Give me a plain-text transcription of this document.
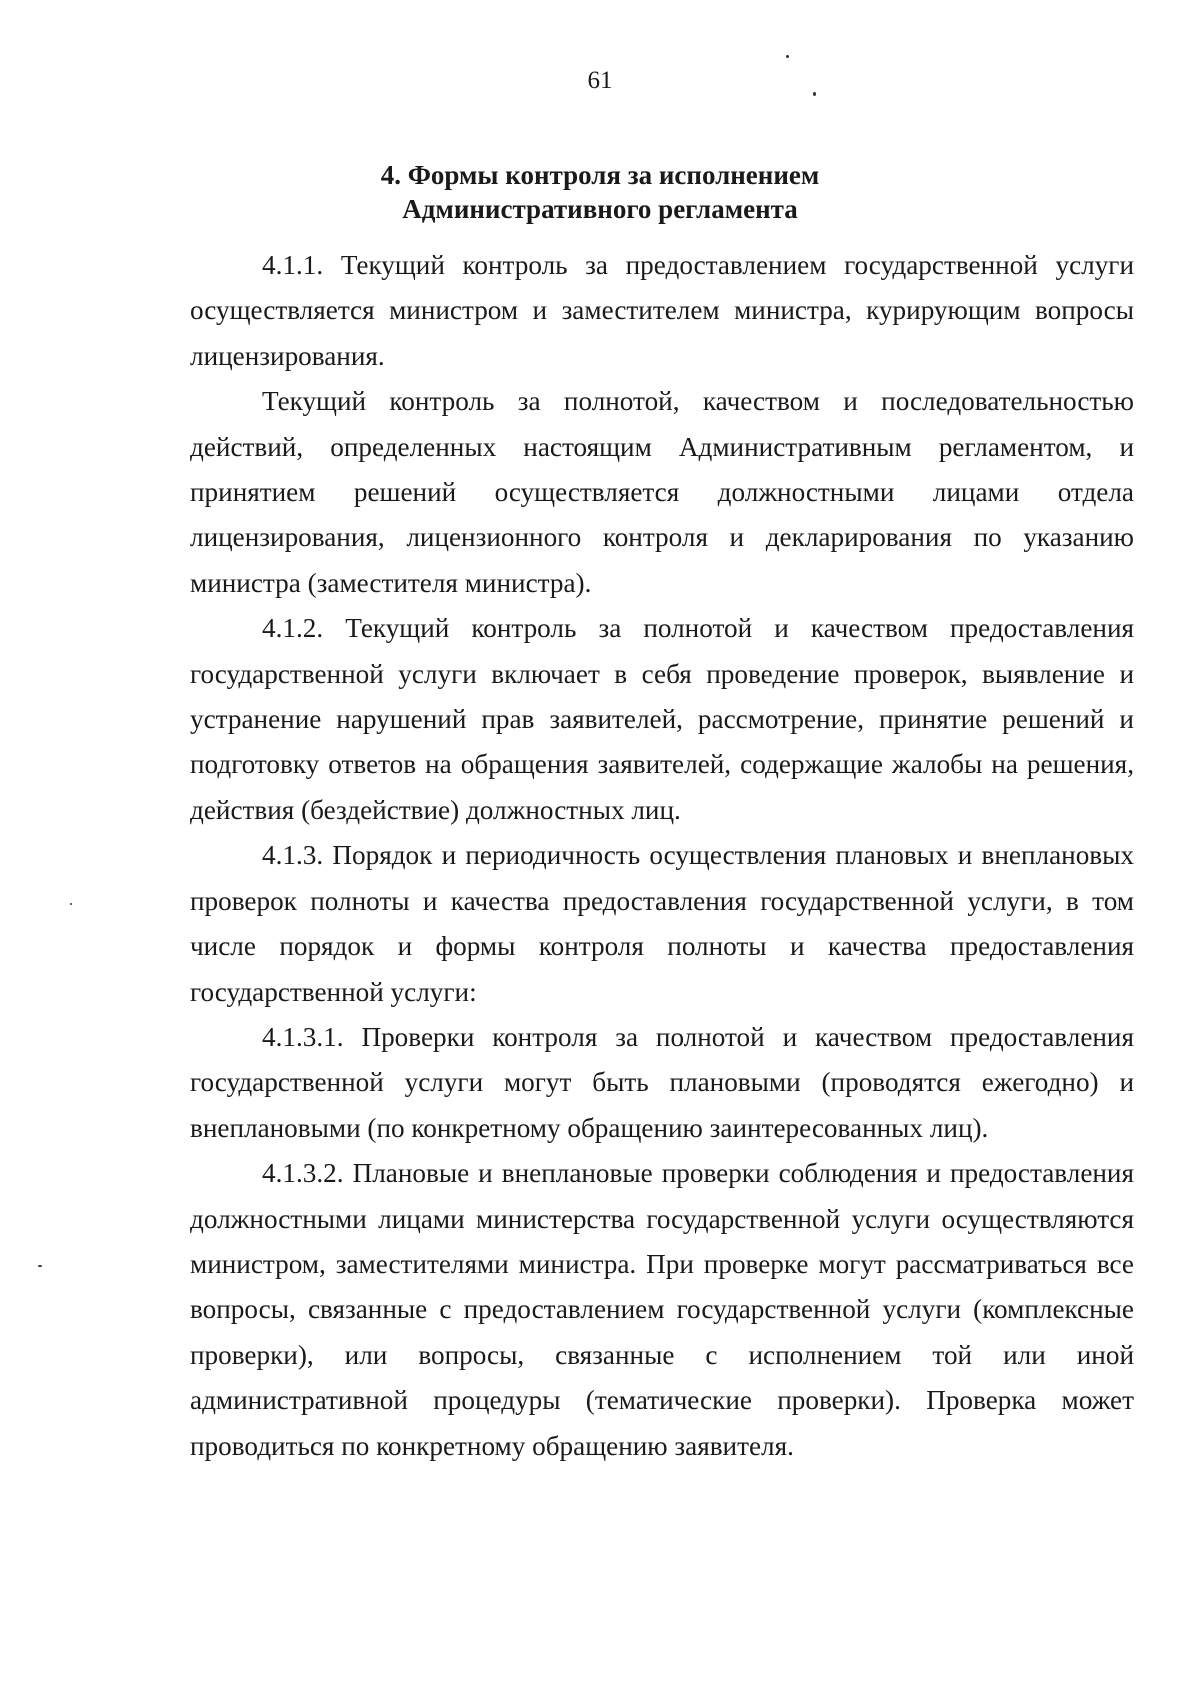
61
4. Формы контроля за исполнением
Административного регламента

4.1.1. Текущий контроль за предоставлением государственной услуги осуществляется министром и заместителем министра, курирующим вопросы лицензирования.

Текущий контроль за полнотой, качеством и последовательностью действий, определенных настоящим Административным регламентом, и принятием решений осуществляется должностными лицами отдела лицензирования, лицензионного контроля и декларирования по указанию министра (заместителя министра).

4.1.2. Текущий контроль за полнотой и качеством предоставления государственной услуги включает в себя проведение проверок, выявление и устранение нарушений прав заявителей, рассмотрение, принятие решений и подготовку ответов на обращения заявителей, содержащие жалобы на решения, действия (бездействие) должностных лиц.

4.1.3. Порядок и периодичность осуществления плановых и внеплановых проверок полноты и качества предоставления государственной услуги, в том числе порядок и формы контроля полноты и качества предоставления государственной услуги:

4.1.3.1. Проверки контроля за полнотой и качеством предоставления государственной услуги могут быть плановыми (проводятся ежегодно) и внеплановыми (по конкретному обращению заинтересованных лиц).

4.1.3.2. Плановые и внеплановые проверки соблюдения и предоставления должностными лицами министерства государственной услуги осуществляются министром, заместителями министра. При проверке могут рассматриваться все вопросы, связанные с предоставлением государственной услуги (комплексные проверки), или вопросы, связанные с исполнением той или иной административной процедуры (тематические проверки). Проверка может проводиться по конкретному обращению заявителя.
